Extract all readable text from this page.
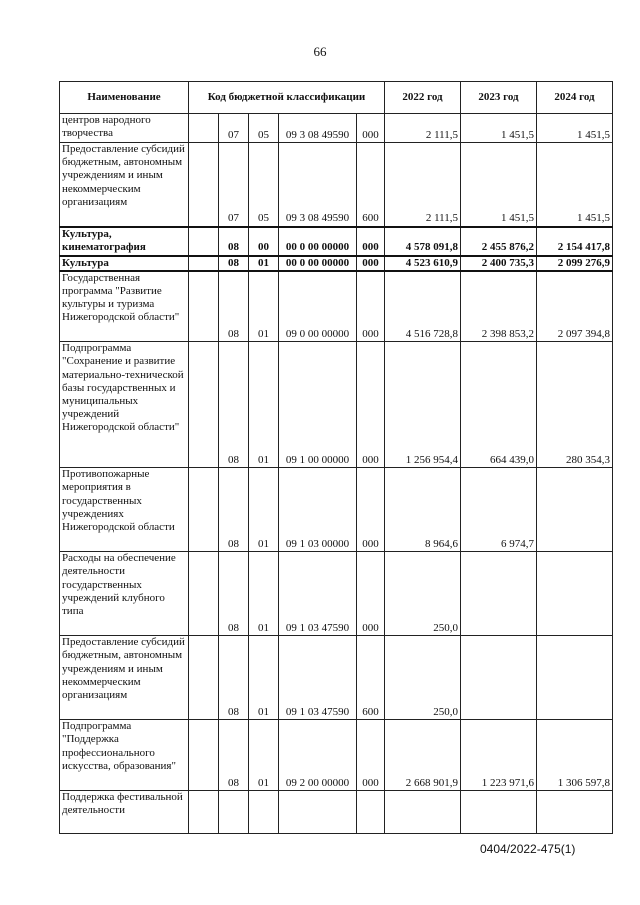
66
Наименование	Код бюджетной классификации					2022 год	2023 год	2024 год
центров народного творчества		07	05	09 3 08 49590	000	2 111,5	1 451,5	1 451,5
Предоставление субсидий бюджетным, автономным учреждениям и иным некоммерческим организациям		07	05	09 3 08 49590	600	2 111,5	1 451,5	1 451,5
Культура, кинематография		08	00	00 0 00 00000	000	4 578 091,8	2 455 876,2	2 154 417,8
Культура		08	01	00 0 00 00000	000	4 523 610,9	2 400 735,3	2 099 276,9
Государственная программа "Развитие культуры и туризма Нижегородской области"		08	01	09 0 00 00000	000	4 516 728,8	2 398 853,2	2 097 394,8
Подпрограмма "Сохранение и развитие материально-технической базы государственных и муниципальных учреждений Нижегородской области"		08	01	09 1 00 00000	000	1 256 954,4	664 439,0	280 354,3
Противопожарные мероприятия в государственных учреждениях Нижегородской области		08	01	09 1 03 00000	000	8 964,6	6 974,7	
Расходы на обеспечение деятельности государственных учреждений клубного типа		08	01	09 1 03 47590	000	250,0		
Предоставление субсидий бюджетным, автономным учреждениям и иным некоммерческим организациям		08	01	09 1 03 47590	600	250,0		
Подпрограмма "Поддержка профессионального искусства, образования"		08	01	09 2 00 00000	000	2 668 901,9	1 223 971,6	1 306 597,8
Поддержка фестивальной деятельности								
0404/2022-475(1)
